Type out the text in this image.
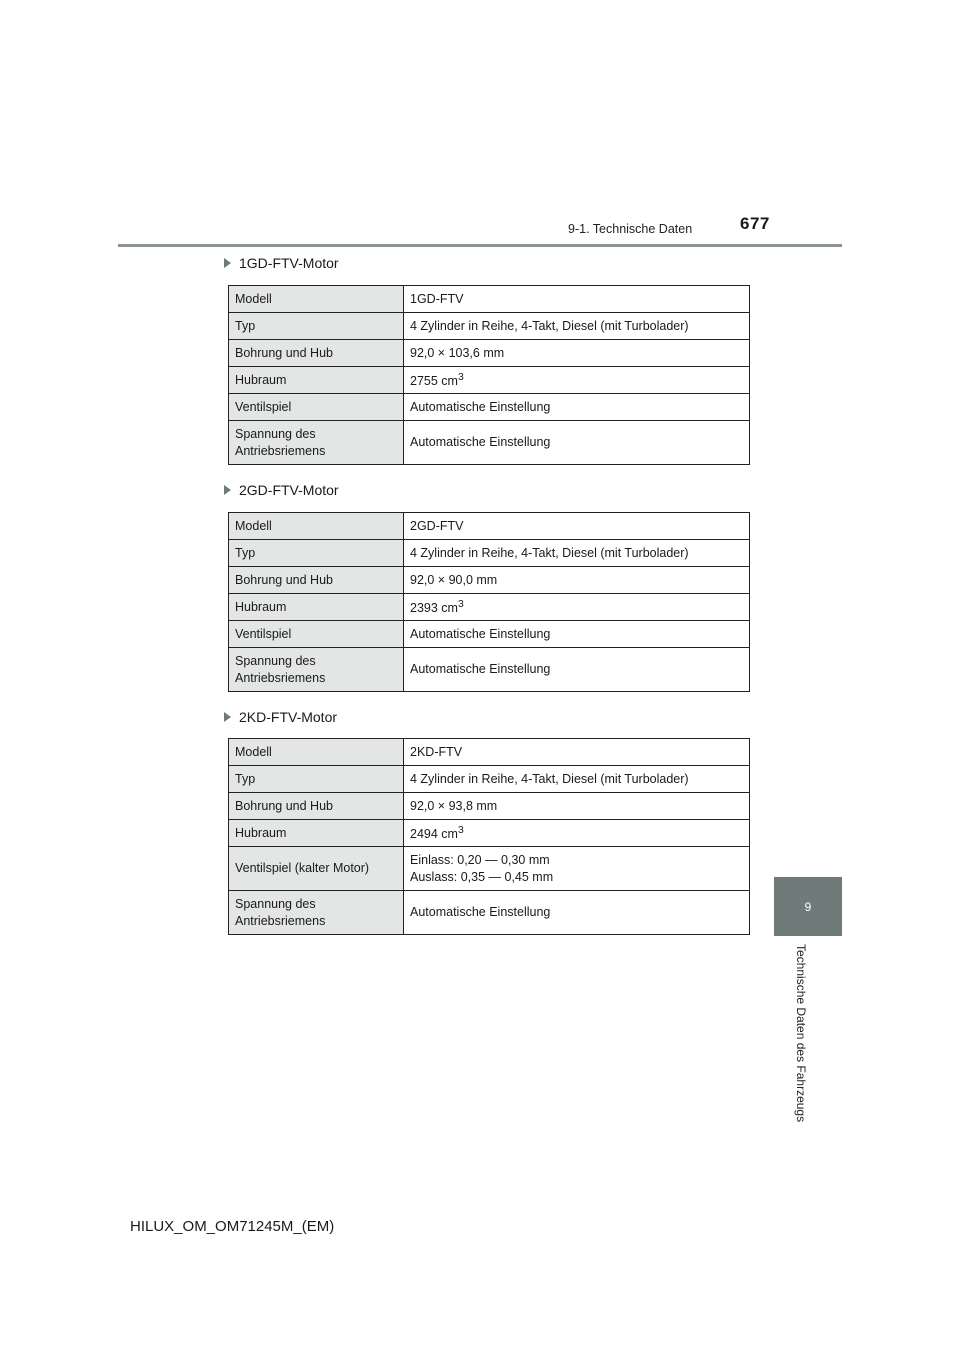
677
9-1. Technische Daten
9
Technische Daten des Fahrzeugs
1GD-FTV-Motor
Modell	1GD-FTV
Typ	4 Zylinder in Reihe, 4-Takt, Diesel (mit Turbolader)
Bohrung und Hub	92,0 × 103,6 mm
Hubraum	2755 $cm^3$
Ventilspiel	Automatische Einstellung
Spannung des
Antriebsriemens	Automatische Einstellung
2GD-FTV-Motor
Modell	2GD-FTV
Typ	4 Zylinder in Reihe, 4-Takt, Diesel (mit Turbolader)
Bohrung und Hub	92,0 × 90,0 mm
Hubraum	2393 $cm^3$
Ventilspiel	Automatische Einstellung
Spannung des
Antriebsriemens	Automatische Einstellung
2KD-FTV-Motor
Modell	2KD-FTV
Typ	4 Zylinder in Reihe, 4-Takt, Diesel (mit Turbolader)
Bohrung und Hub	92,0 × 93,8 mm
Hubraum	2494 $cm^3$
Ventilspiel (kalter Motor)	Einlass: 0,20 — 0,30 mm
Auslass: 0,35 — 0,45 mm
Spannung des
Antriebsriemens	Automatische Einstellung
HILUX_OM_OM71245M_(EM)
